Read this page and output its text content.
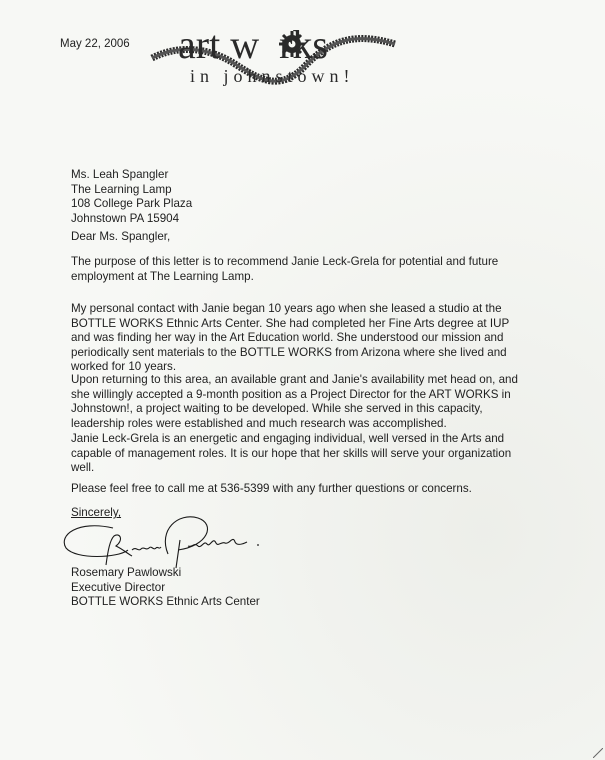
May 22, 2006 art works
in johnstown!
Ms. Leah Spangler
The Learning Lamp
108 College Park Plaza
Johnstown PA 15904
Dear Ms. Spangler,
The purpose of this letter is to recommend Janie Leck-Grela for potential and future
employment at The Learning Lamp.
My personal contact with Janie began 10 years ago when she leased a studio at the
BOTTLE WORKS Ethnic Arts Center. She had completed her Fine Arts degree at IUP
and was finding her way in the Art Education world. She understood our mission and
periodically sent materials to the BOTTLE WORKS from Arizona where she lived and
worked for 10 years.
Upon returning to this area, an available grant and Janie's availability met head on, and
she willingly accepted a 9-month position as a Project Director for the ART WORKS in
Johnstown!, a project waiting to be developed. While she served in this capacity,
leadership roles were established and much research was accomplished.
Janie Leck-Grela is an energetic and engaging individual, well versed in the Arts and
capable of management roles. It is our hope that her skills will serve your organization
well.
Please feel free to call me at 536-5399 with any further questions or concerns.
Sincerely,
Rosemary Pawlowski
Executive Director
BOTTLE WORKS Ethnic Arts Center
